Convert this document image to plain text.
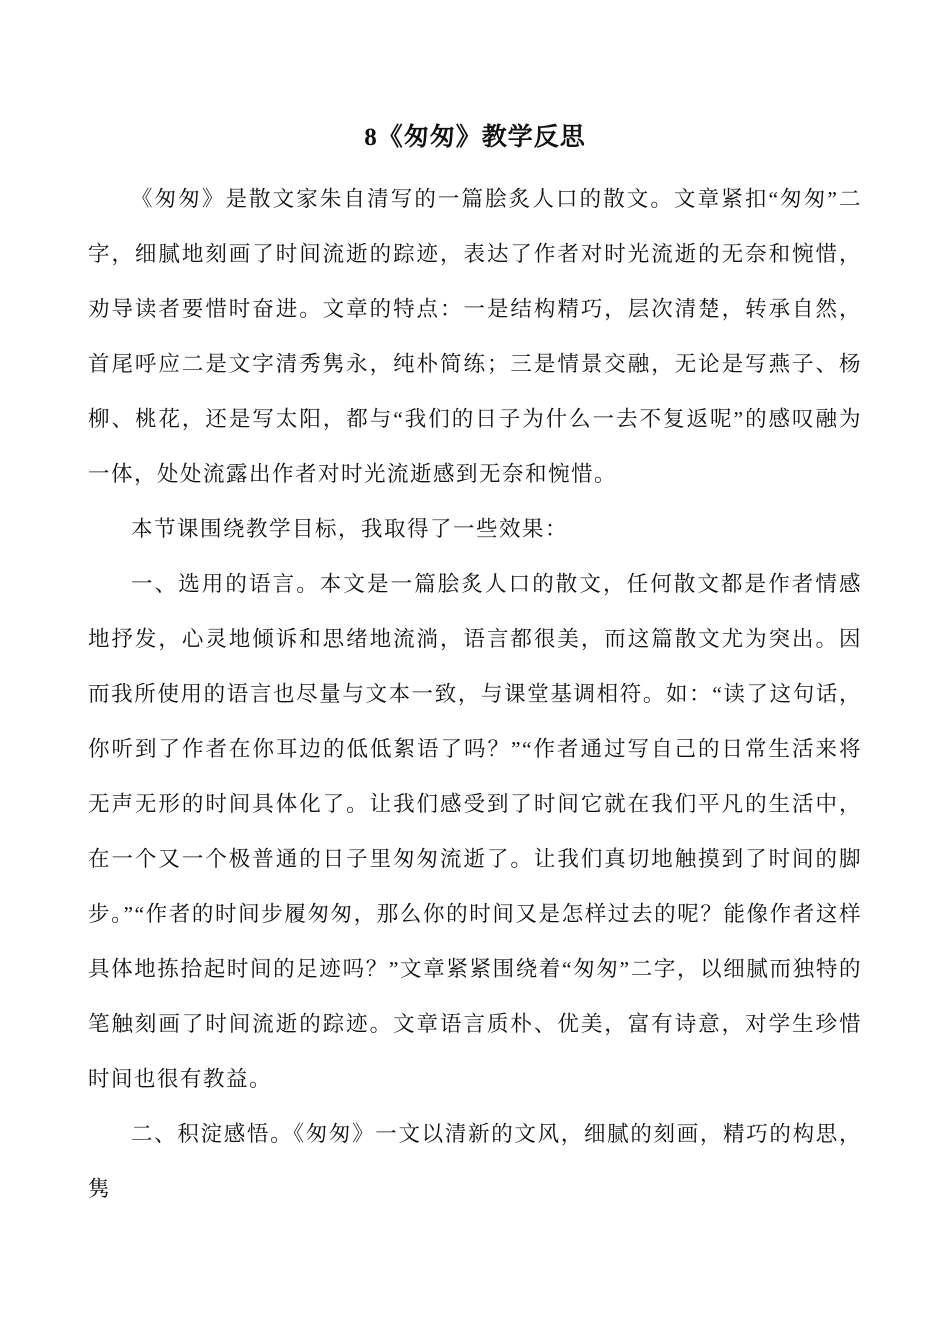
8《匆匆》教学反思

《匆匆》是散文家朱自清写的一篇脍炙人口的散文。文章紧扣“匆匆”二字，细腻地刻画了时间流逝的踪迹，表达了作者对时光流逝的无奈和惋惜，劝导读者要惜时奋进。文章的特点：一是结构精巧，层次清楚，转承自然，首尾呼应二是文字清秀隽永，纯朴简练；三是情景交融，无论是写燕子、杨柳、桃花，还是写太阳，都与“我们的日子为什么一去不复返呢”的感叹融为一体，处处流露出作者对时光流逝感到无奈和惋惜。

本节课围绕教学目标，我取得了一些效果：

一、选用的语言。本文是一篇脍炙人口的散文，任何散文都是作者情感地抒发，心灵地倾诉和思绪地流淌，语言都很美，而这篇散文尤为突出。因而我所使用的语言也尽量与文本一致，与课堂基调相符。如：“读了这句话，你听到了作者在你耳边的低低絮语了吗？”“作者通过写自己的日常生活来将无声无形的时间具体化了。让我们感受到了时间它就在我们平凡的生活中，在一个又一个极普通的日子里匆匆流逝了。让我们真切地触摸到了时间的脚步。”“作者的时间步履匆匆，那么你的时间又是怎样过去的呢？能像作者这样具体地拣拾起时间的足迹吗？”文章紧紧围绕着“匆匆”二字，以细腻而独特的笔触刻画了时间流逝的踪迹。文章语言质朴、优美，富有诗意，对学生珍惜时间也很有教益。

二、积淀感悟。《匆匆》一文以清新的文风，细腻的刻画，精巧的构思，隽
